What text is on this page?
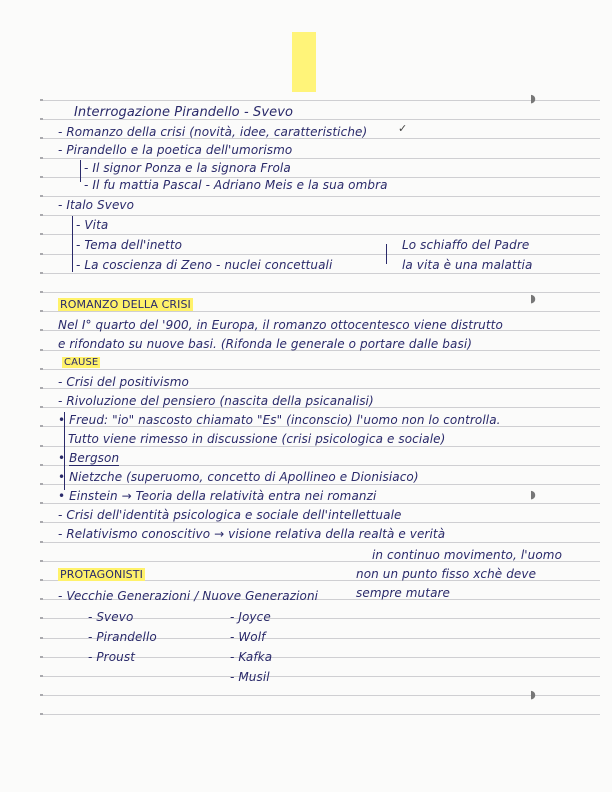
◗
◗
◗
◗
Interrogazione Pirandello - Svevo
- Romanzo della crisi (novità, idee, caratteristiche)	✓
- Pirandello e la poetica dell'umorismo
- Il signor Ponza e la signora Frola
- Il fu mattia Pascal - Adriano Meis e la sua ombra
- Italo Svevo
- Vita
- Tema dell'inetto
- La coscienza di Zeno - nuclei concettuali
Lo schiaffo del Padre
la vita è una malattia
ROMANZO DELLA CRISI
Nel I° quarto del '900, in Europa, il romanzo ottocentesco viene distrutto
e rifondato su nuove basi. (Rifonda le generale o portare dalle basi)
CAUSE
- Crisi del positivismo
- Rivoluzione del pensiero (nascita della psicanalisi)
• Freud: "io" nascosto chiamato "Es" (inconscio) l'uomo non lo controlla.
Tutto viene rimesso in discussione (crisi psicologica e sociale)
• Bergson
• Nietzche (superuomo, concetto di Apollineo e Dionisiaco)
• Einstein → Teoria della relatività entra nei romanzi
- Crisi dell'identità psicologica e sociale dell'intellettuale
- Relativismo conoscitivo → visione relativa della realtà e verità
in continuo movimento, l'uomo
non un punto fisso xchè deve
sempre mutare
PROTAGONISTI
- Vecchie Generazioni / Nuove Generazioni
- Svevo
- Pirandello
- Proust
- Joyce
- Wolf
- Kafka
- Musil
